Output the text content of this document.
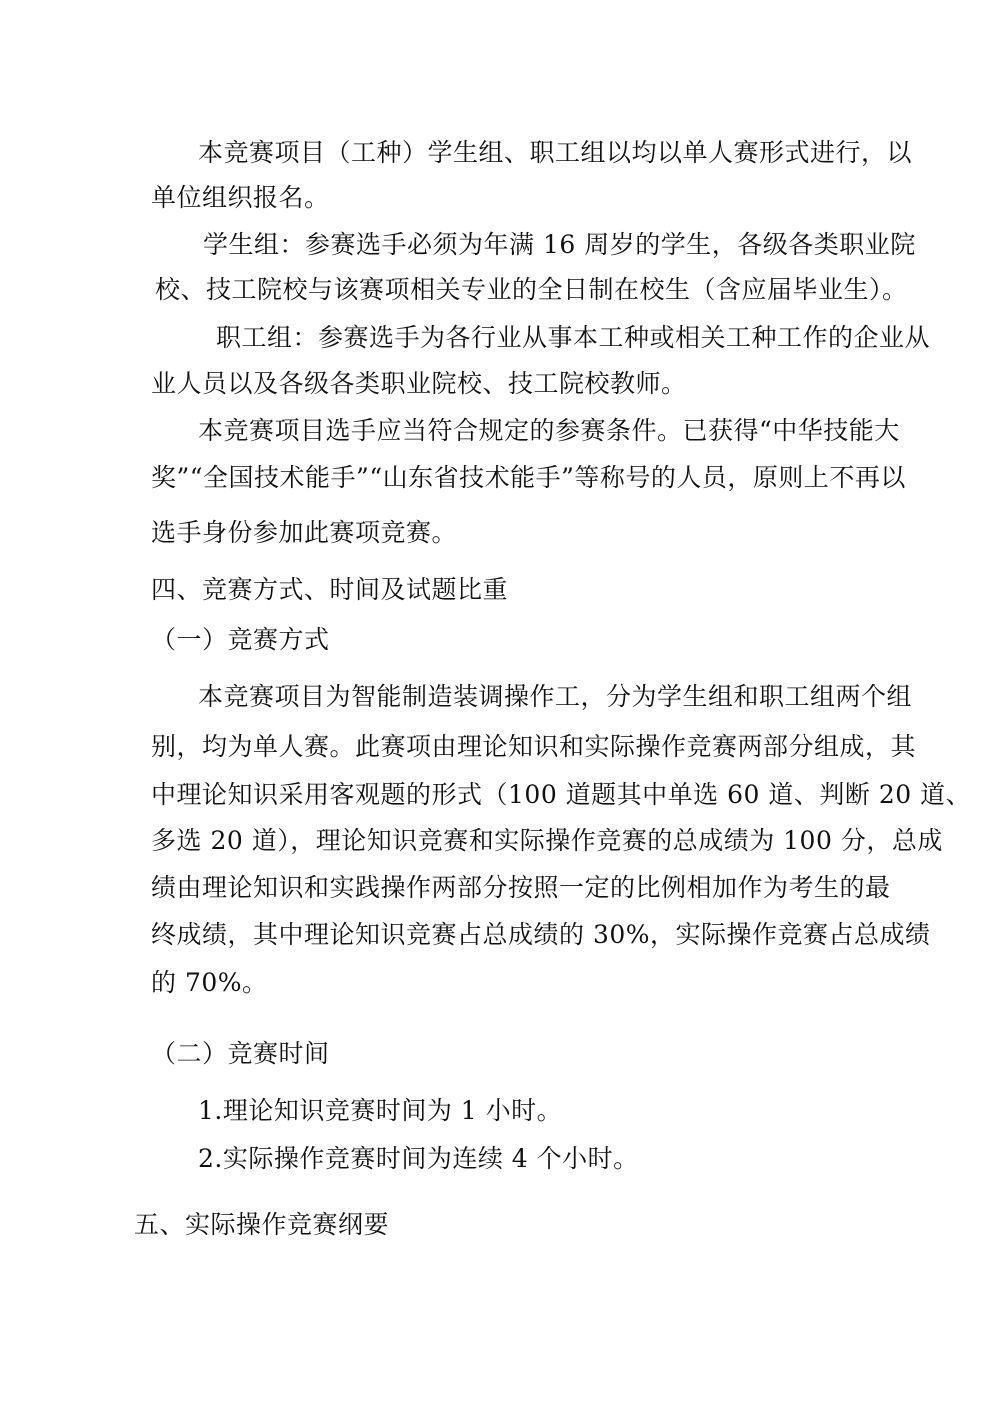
本竞赛项目（工种）学生组、职工组以均以单人赛形式进行，以
单位组织报名。
学生组：参赛选手必须为年满 16 周岁的学生，各级各类职业院
校、技工院校与该赛项相关专业的全日制在校生（含应届毕业生）。
职工组：参赛选手为各行业从事本工种或相关工种工作的企业从
业人员以及各级各类职业院校、技工院校教师。
本竞赛项目选手应当符合规定的参赛条件。已获得“中华技能大
奖”“全国技术能手”“山东省技术能手”等称号的人员，原则上不再以
选手身份参加此赛项竞赛。
四、竞赛方式、时间及试题比重
（一）竞赛方式
本竞赛项目为智能制造装调操作工，分为学生组和职工组两个组
别，均为单人赛。此赛项由理论知识和实际操作竞赛两部分组成，其
中理论知识采用客观题的形式（100 道题其中单选 60 道、判断 20 道、
多选 20 道），理论知识竞赛和实际操作竞赛的总成绩为 100 分，总成
绩由理论知识和实践操作两部分按照一定的比例相加作为考生的最
终成绩，其中理论知识竞赛占总成绩的 30%，实际操作竞赛占总成绩
的 70%。
（二）竞赛时间
1.理论知识竞赛时间为 1 小时。
2.实际操作竞赛时间为连续 4 个小时。
五、实际操作竞赛纲要
